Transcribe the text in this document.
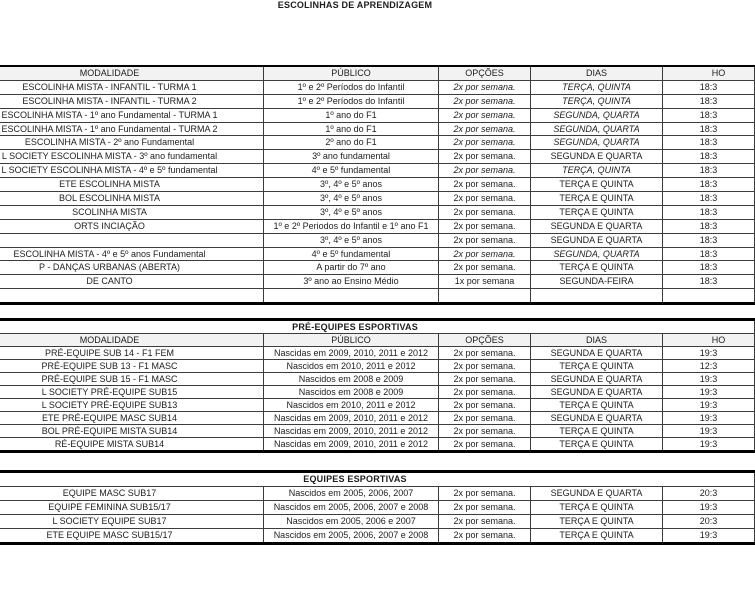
ESCOLINHAS DE APRENDIZAGEM
MODALIDADE	PÚBLICO	OPÇÕES	DIAS	HO
ESCOLINHA MISTA - INFANTIL - TURMA 1	1º e 2º Períodos do Infantil	2x por semana.	TERÇA, QUINTA	18:3
ESCOLINHA MISTA - INFANTIL - TURMA 2	1º e 2º Períodos do Infantil	2x por semana.	TERÇA, QUINTA	18:3
ESCOLINHA MISTA - 1º ano Fundamental - TURMA 1	1º ano do F1	2x por semana.	SEGUNDA, QUARTA	18:3
ESCOLINHA MISTA - 1º ano Fundamental - TURMA 2	1º ano do F1	2x por semana.	SEGUNDA, QUARTA	18:3
ESCOLINHA MISTA - 2º ano Fundamental	2º ano do F1	2x por semana.	SEGUNDA, QUARTA	18:3
L SOCIETY ESCOLINHA MISTA - 3º ano fundamental	3º ano fundamental	2x por semana.	SEGUNDA E QUARTA	18:3
L SOCIETY ESCOLINHA MISTA - 4º e 5º fundamental	4º e 5º fundamental	2x por semana.	TERÇA, QUINTA	18:3
ETE ESCOLINHA MISTA	3º, 4º e 5º anos	2x por semana.	TERÇA E QUINTA	18:3
BOL ESCOLINHA MISTA	3º, 4º e 5º anos	2x por semana.	TERÇA E QUINTA	18:3
SCOLINHA MISTA	3º, 4º e 5º anos	2x por semana.	TERÇA E QUINTA	18:3
ORTS INCIAÇÃO	1º e 2º Periodos do Infantil e 1º ano F1	2x por semana.	SEGUNDA E QUARTA	18:3
	3º, 4º e 5º anos	2x por semana.	SEGUNDA E QUARTA	18:3
ESCOLINHA MISTA - 4º e 5º anos Fundamental	4º e 5º fundamental	2x por semana.	SEGUNDA, QUARTA	18:3
P - DANÇAS URBANAS (ABERTA)	A partir do 7º ano	2x por semana.	TERÇA E QUINTA	18:3
DE CANTO	3º ano ao Ensino Médio	1x por semana	SEGUNDA-FEIRA	18:3

PRÉ-EQUIPES ESPORTIVAS				
MODALIDADE	PÚBLICO	OPÇÕES	DIAS	HO
PRÉ-EQUIPE SUB 14 - F1 FEM	Nascidas em 2009, 2010, 2011 e 2012	2x por semana.	SEGUNDA E QUARTA	19:3
PRÉ-EQUIPE SUB 13 - F1 MASC	Nascidos em 2010, 2011 e 2012	2x por semana.	TERÇA E QUINTA	12:3
PRÉ-EQUIPE SUB 15 - F1 MASC	Nascidos em 2008 e 2009	2x por semana.	SEGUNDA E QUARTA	19:3
L SOCIETY PRÉ-EQUIPE SUB15	Nascidos em 2008 e 2009	2x por semana.	SEGUNDA E QUARTA	19:3
L SOCIETY PRÉ-EQUIPE SUB13	Nascidos em 2010, 2011 e 2012	2x por semana.	TERÇA E QUINTA	19:3
ETE PRÉ-EQUIPE MASC SUB14	Nascidas em 2009, 2010, 2011 e 2012	2x por semana.	SEGUNDA E QUARTA	19:3
BOL PRÉ-EQUIPE MISTA SUB14	Nascidas em 2009, 2010, 2011 e 2012	2x por semana.	TERÇA E QUINTA	19:3
RÉ-EQUIPE MISTA SUB14	Nascidas em 2009, 2010, 2011 e 2012	2x por semana.	TERÇA E QUINTA	19:3
EQUIPES ESPORTIVAS				
EQUIPE MASC SUB17	Nascidos em 2005, 2006, 2007	2x por semana.	SEGUNDA E QUARTA	20:3
EQUIPE FEMININA SUB15/17	Nascidos em 2005, 2006, 2007 e 2008	2x por semana.	TERÇA E QUINTA	19:3
L SOCIETY EQUIPE SUB17	Nascidos em 2005, 2006 e 2007	2x por semana.	TERÇA E QUINTA	20:3
ETE EQUIPE MASC SUB15/17	Nascidos em 2005, 2006, 2007 e 2008	2x por semana.	TERÇA E QUINTA	19:3
